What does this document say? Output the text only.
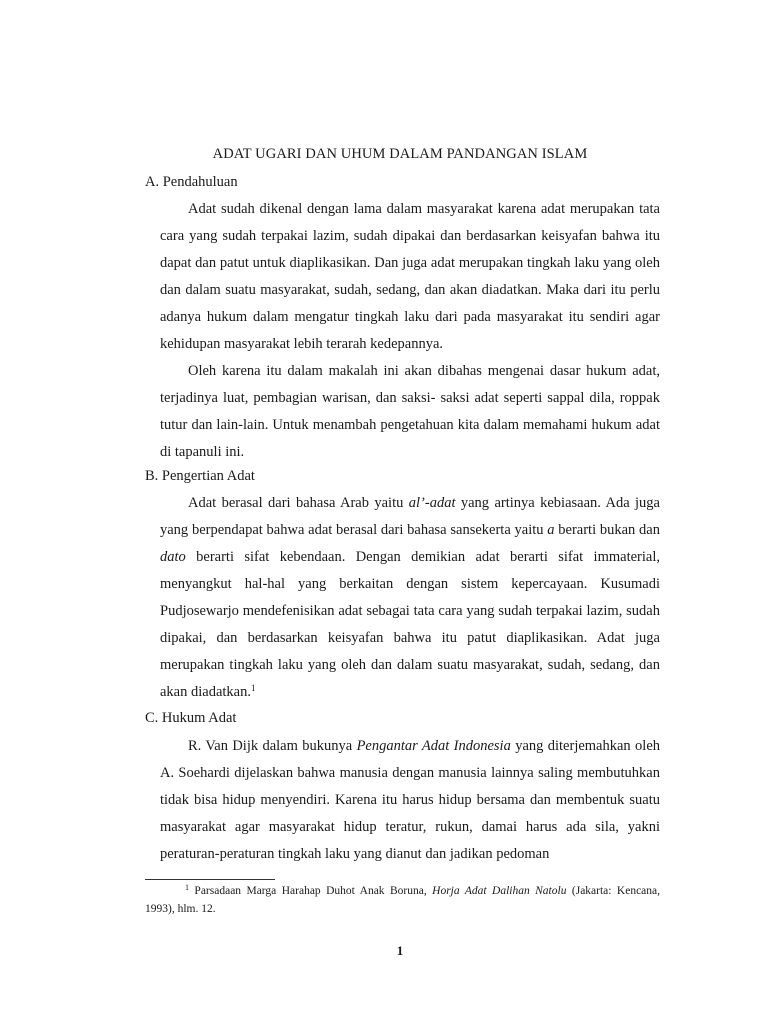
ADAT UGARI DAN UHUM DALAM PANDANGAN ISLAM
A. Pendahuluan
Adat sudah dikenal dengan lama dalam masyarakat karena adat merupakan tata cara yang sudah terpakai lazim, sudah dipakai dan berdasarkan keisyafan bahwa itu dapat dan patut untuk diaplikasikan. Dan juga adat merupakan tingkah laku yang oleh dan dalam suatu masyarakat, sudah, sedang, dan akan diadatkan. Maka dari itu perlu adanya hukum dalam mengatur tingkah laku dari pada masyarakat itu sendiri agar kehidupan masyarakat lebih terarah kedepannya.
Oleh karena itu dalam makalah ini akan dibahas mengenai dasar hukum adat, terjadinya luat, pembagian warisan, dan saksi- saksi adat seperti sappal dila, roppak tutur dan lain-lain. Untuk menambah pengetahuan kita dalam memahami hukum adat di tapanuli ini.
B. Pengertian Adat
Adat berasal dari bahasa Arab yaitu al’-adat yang artinya kebiasaan. Ada juga yang berpendapat bahwa adat berasal dari bahasa sansekerta yaitu a berarti bukan dan dato berarti sifat kebendaan. Dengan demikian adat berarti sifat immaterial, menyangkut hal-hal yang berkaitan dengan sistem kepercayaan. Kusumadi Pudjosewarjo mendefenisikan adat sebagai tata cara yang sudah terpakai lazim, sudah dipakai, dan berdasarkan keisyafan bahwa itu patut diaplikasikan. Adat juga merupakan tingkah laku yang oleh dan dalam suatu masyarakat, sudah, sedang, dan akan diadatkan.$^1$
C. Hukum Adat
R. Van Dijk dalam bukunya Pengantar Adat Indonesia yang diterjemahkan oleh A. Soehardi dijelaskan bahwa manusia dengan manusia lainnya saling membutuhkan tidak bisa hidup menyendiri. Karena itu harus hidup bersama dan membentuk suatu masyarakat agar masyarakat hidup teratur, rukun, damai harus ada sila, yakni peraturan-peraturan tingkah laku yang dianut dan jadikan pedoman
$^1$ Parsadaan Marga Harahap Duhot Anak Boruna, Horja Adat Dalihan Natolu (Jakarta: Kencana, 1993), hlm. 12.
1
